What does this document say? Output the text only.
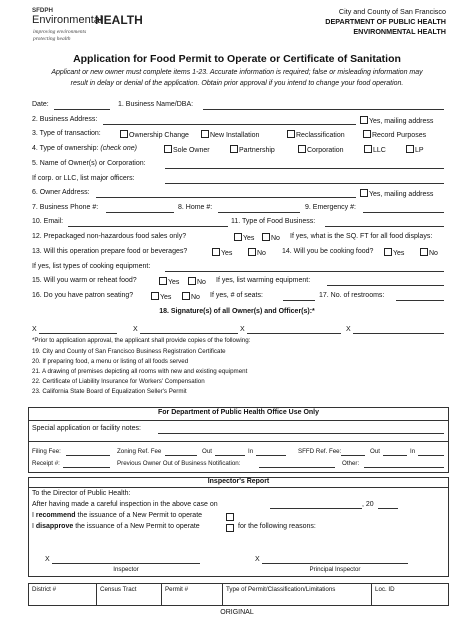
SFDPH
Environmental
HEALTH
improving environments
protecting health
City and County of San Francisco
DEPARTMENT OF PUBLIC HEALTH
ENVIRONMENTAL HEALTH
Application for Food Permit to Operate or Certificate of Sanitation
Applicant or new owner must complete items 1-23. Accurate information is required; false or misleading information may
result in delay or denial of the application. Obtain prior approval if you intend to change your food operation.
Date:	1. Business Name/DBA:
2. Business Address:	Yes, mailing address
3. Type of transaction:	Ownership Change	New Installation	Reclassification	Record Purposes
4. Type of ownership: (check one)	Sole Owner	Partnership	Corporation	LLC	LP
5. Name of Owner(s) or Corporation:
If corp. or LLC, list major officers:
6. Owner Address:	Yes, mailing address
7. Business Phone #:	8. Home #:	9. Emergency #:
10. Email:	11. Type of Food Business:
12. Prepackaged non-hazardous food sales only?	Yes	No If yes, what is the SQ. FT for all food displays:
13. Will this operation prepare food or beverages?	Yes	No 14. Will you be cooking food?	Yes	No
If yes, list types of cooking equipment:
15. Will you warm or reheat food?	Yes	No If yes, list warming equipment:
16. Do you have patron seating?	Yes	No If yes, # of seats:	17. No. of restrooms:
18. Signature(s) of all Owner(s) and Officer(s):*
X	X	X	X
*Prior to application approval, the applicant shall provide copies of the following:
19. City and County of San Francisco Business Registration Certificate
20. If preparing food, a menu or listing of all foods served
21. A drawing of premises depicting all rooms with new and existing equipment
22. Certificate of Liability Insurance for Workers' Compensation
23. California State Board of Equalization Seller's Permit
For Department of Public Health Office Use Only
Special application or facility notes:
Filing Fee:	Zoning Ref. Fee	Out	In	SFFD Ref. Fee:	Out	In
Receipt #:	Previous Owner Out of Business Notification:	Other:
Inspector's Report
To the Director of Public Health:
After having made a careful inspection in the above case on	, 20
I recommend the issuance of a New Permit to operate
I disapprove the issuance of a New Permit to operate	for the following reasons:
X
Inspector
X
Principal Inspector
District #	Census Tract	Permit #	Type of Permit/Classification/Limitations	Loc. ID
ORIGINAL
